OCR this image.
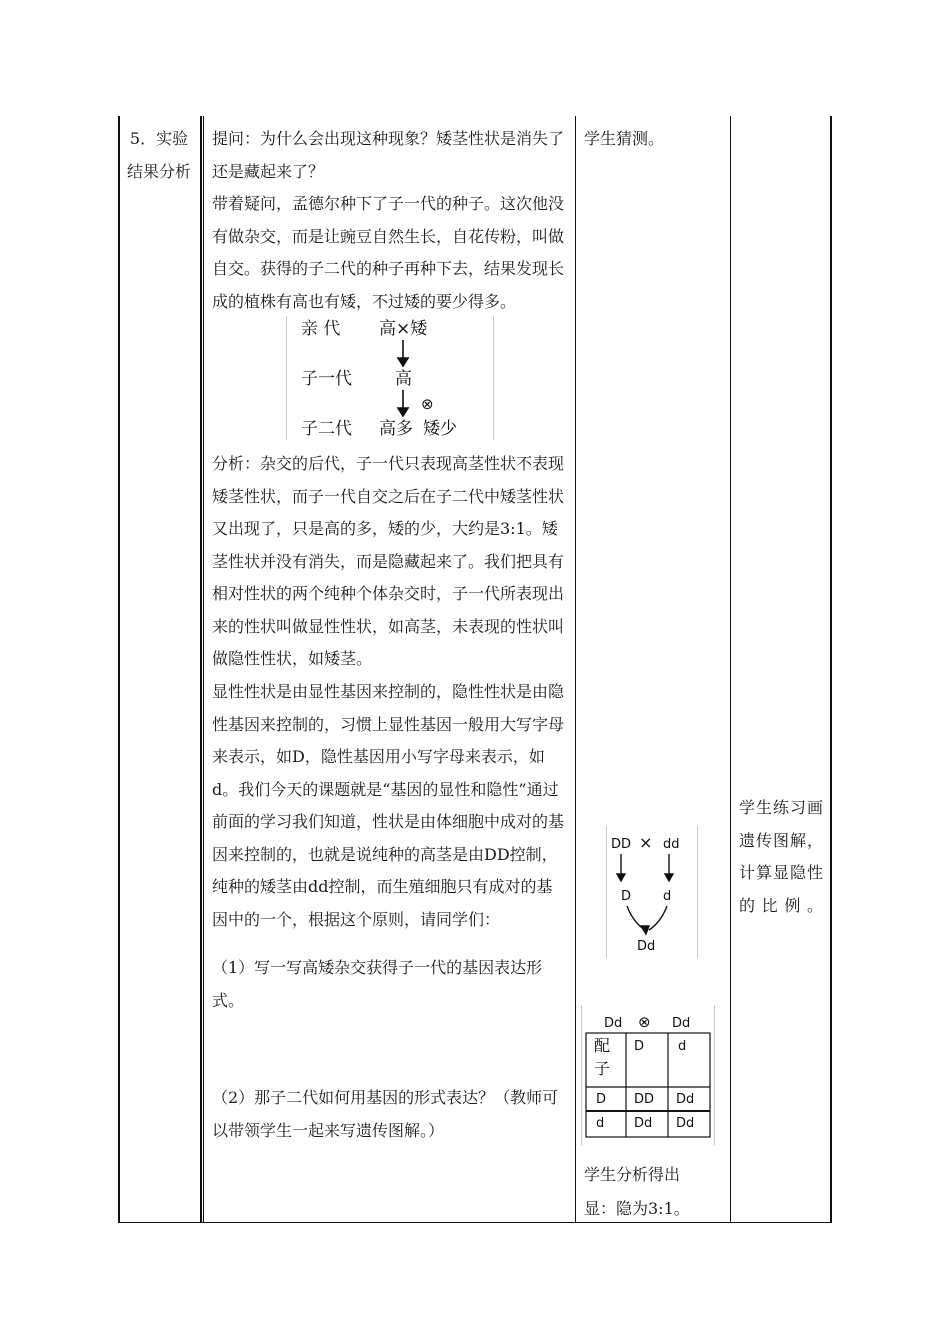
5．实验结果分析
提问：为什么会出现这种现象？矮茎性状是消失了还是藏起来了？
带着疑问，孟德尔种下了子一代的种子。这次他没有做杂交，而是让豌豆自然生长，自花传粉，叫做自交。获得的子二代的种子再种下去，结果发现长成的植株有高也有矮，不过矮的要少得多。
亲 代 高×矮
子一代	高
子二代 高多 矮少
⊗
分析：杂交的后代，子一代只表现高茎性状不表现矮茎性状，而子一代自交之后在子二代中矮茎性状又出现了，只是高的多，矮的少，大约是3:1。矮茎性状并没有消失，而是隐藏起来了。我们把具有相对性状的两个纯种个体杂交时，子一代所表现出来的性状叫做显性性状，如高茎，未表现的性状叫做隐性性状，如矮茎。
显性性状是由显性基因来控制的，隐性性状是由隐性基因来控制的，习惯上显性基因一般用大写字母来表示，如D，隐性基因用小写字母来表示，如d。我们今天的课题就是“基因的显性和隐性”通过前面的学习我们知道，性状是由体细胞中成对的基因来控制的，也就是说纯种的高茎是由DD控制，纯种的矮茎由dd控制，而生殖细胞只有成对的基因中的一个，根据这个原则，请同学们：
（1）写一写高矮杂交获得子一代的基因表达形式。
（2）那子二代如何用基因的形式表达？（教师可以带领学生一起来写遗传图解。）
学生猜测。
DD × dd
D d
Dd
Dd ⊗ Dd
D	d
D DD Dd
d Dd Dd
配子
学生分析得出显：隐为3:1。
学生练习画遗传图解，计算显隐性的比例。
